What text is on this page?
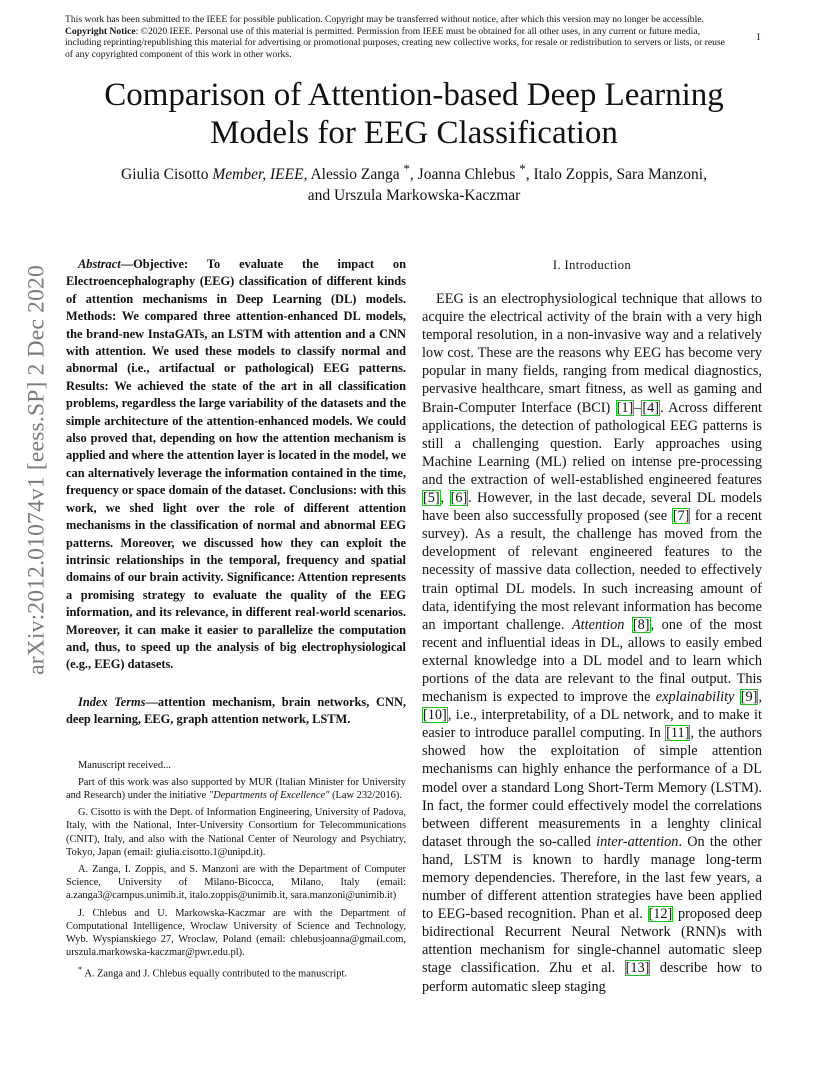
This work has been submitted to the IEEE for possible publication. Copyright may be transferred without notice, after which this version may no longer be accessible.

Copyright Notice: ©2020 IEEE. Personal use of this material is permitted. Permission from IEEE must be obtained for all other uses, in any current or future media, including reprinting/republishing this material for advertising or promotional purposes, creating new collective works, for resale or redistribution to servers or lists, or reuse of any copyrighted component of this work in other works.

1
arXiv:2012.01074v1 [eess.SP] 2 Dec 2020
Comparison of Attention-based Deep Learning Models for EEG Classification
Giulia Cisotto Member, IEEE, Alessio Zanga *, Joanna Chlebus *, Italo Zoppis, Sara Manzoni,
and Urszula Markowska-Kaczmar

Abstract—Objective: To evaluate the impact on Electroencephalography (EEG) classification of different kinds of attention mechanisms in Deep Learning (DL) models. Methods: We compared three attention-enhanced DL models, the brand-new InstaGATs, an LSTM with attention and a CNN with attention. We used these models to classify normal and abnormal (i.e., artifactual or pathological) EEG patterns. Results: We achieved the state of the art in all classification problems, regardless the large variability of the datasets and the simple architecture of the attention-enhanced models. We could also proved that, depending on how the attention mechanism is applied and where the attention layer is located in the model, we can alternatively leverage the information contained in the time, frequency or space domain of the dataset. Conclusions: with this work, we shed light over the role of different attention mechanisms in the classification of normal and abnormal EEG patterns. Moreover, we discussed how they can exploit the intrinsic relationships in the temporal, frequency and spatial domains of our brain activity. Significance: Attention represents a promising strategy to evaluate the quality of the EEG information, and its relevance, in different real-world scenarios. Moreover, it can make it easier to parallelize the computation and, thus, to speed up the analysis of big electrophysiological (e.g., EEG) datasets.

Index Terms—attention mechanism, brain networks, CNN, deep learning, EEG, graph attention network, LSTM.

Manuscript received...

Part of this work was also supported by MUR (Italian Minister for University and Research) under the initiative "Departments of Excellence" (Law 232/2016).

G. Cisotto is with the Dept. of Information Engineering, University of Padova, Italy, with the National, Inter-University Consortium for Telecommunications (CNIT), Italy, and also with the National Center of Neurology and Psychiatry, Tokyo, Japan (email: giulia.cisotto.1@unipd.it).

A. Zanga, I. Zoppis, and S. Manzoni are with the Department of Computer Science, University of Milano-Bicocca, Milano, Italy (email: a.zanga3@campus.unimib.it, italo.zoppis@unimib.it, sara.manzoni@unimib.it)

J. Chlebus and U. Markowska-Kaczmar are with the Department of Computational Intelligence, Wroclaw University of Science and Technology, Wyb. Wyspianskiego 27, Wroclaw, Poland (email: chlebusjoanna@gmail.com, urszula.markowska-kaczmar@pwr.edu.pl).

* A. Zanga and J. Chlebus equally contributed to the manuscript.

I. Introduction

EEG is an electrophysiological technique that allows to acquire the electrical activity of the brain with a very high temporal resolution, in a non-invasive way and a relatively low cost. These are the reasons why EEG has become very popular in many fields, ranging from medical diagnostics, pervasive healthcare, smart fitness, as well as gaming and Brain-Computer Interface (BCI) [1]–[4]. Across different applications, the detection of pathological EEG patterns is still a challenging question. Early approaches using Machine Learning (ML) relied on intense pre-processing and the extraction of well-established engineered features [5], [6]. However, in the last decade, several DL models have been also successfully proposed (see [7] for a recent survey). As a result, the challenge has moved from the development of relevant engineered features to the necessity of massive data collection, needed to effectively train optimal DL models. In such increasing amount of data, identifying the most relevant information has become an important challenge. Attention [8], one of the most recent and influential ideas in DL, allows to easily embed external knowledge into a DL model and to learn which portions of the data are relevant to the final output. This mechanism is expected to improve the explainability [9], [10], i.e., interpretability, of a DL network, and to make it easier to introduce parallel computing. In [11], the authors showed how the exploitation of simple attention mechanisms can highly enhance the performance of a DL model over a standard Long Short-Term Memory (LSTM). In fact, the former could effectively model the correlations between different measurements in a lenghty clinical dataset through the so-called inter-attention. On the other hand, LSTM is known to hardly manage long-term memory dependencies. Therefore, in the last few years, a number of different attention strategies have been applied to EEG-based recognition. Phan et al. [12] proposed deep bidirectional Recurrent Neural Network (RNN)s with attention mechanism for single-channel automatic sleep stage classification. Zhu et al. [13] describe how to perform automatic sleep staging
